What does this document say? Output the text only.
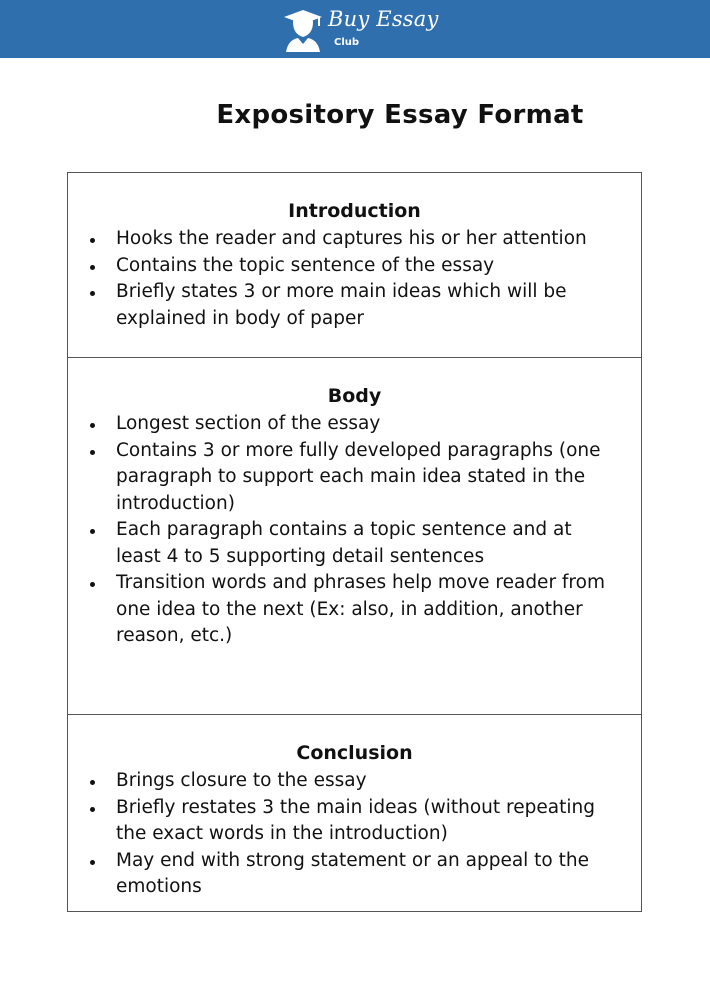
Buy Essay
Club
Expository Essay Format
Introduction
Hooks the reader and captures his or her attention
Contains the topic sentence of the essay
Briefly states 3 or more main ideas which will be explained in body of paper
Body
Longest section of the essay
Contains 3 or more fully developed paragraphs (one paragraph to support each main idea stated in the introduction)
Each paragraph contains a topic sentence and at least 4 to 5 supporting detail sentences
Transition words and phrases help move reader from one idea to the next (Ex: also, in addition, another reason, etc.)
Conclusion
Brings closure to the essay
Briefly restates 3 the main ideas (without repeating the exact words in the introduction)
May end with strong statement or an appeal to the emotions
